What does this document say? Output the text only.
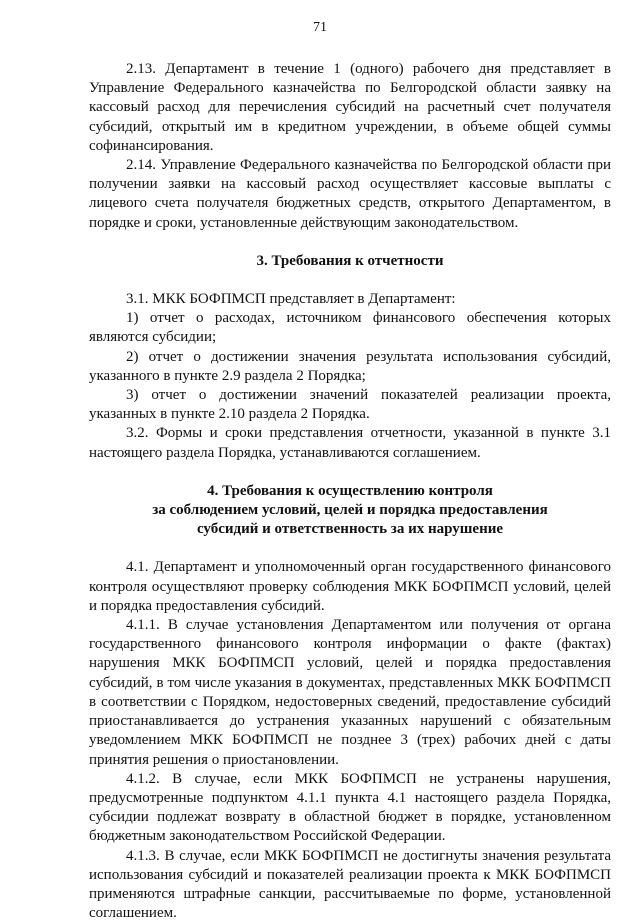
71

2.13. Департамент в течение 1 (одного) рабочего дня представляет в Управление Федерального казначейства по Белгородской области заявку на кассовый расход для перечисления субсидий на расчетный счет получателя субсидий, открытый им в кредитном учреждении, в объеме общей суммы софинансирования.

2.14. Управление Федерального казначейства по Белгородской области при получении заявки на кассовый расход осуществляет кассовые выплаты с лицевого счета получателя бюджетных средств, открытого Департаментом, в порядке и сроки, установленные действующим законодательством.

3. Требования к отчетности

3.1. МКК БОФПМСП представляет в Департамент:

1) отчет о расходах, источником финансового обеспечения которых являются субсидии;

2) отчет о достижении значения результата использования субсидий, указанного в пункте 2.9 раздела 2 Порядка;

3) отчет о достижении значений показателей реализации проекта, указанных в пункте 2.10 раздела 2 Порядка.

3.2. Формы и сроки представления отчетности, указанной в пункте 3.1 настоящего раздела Порядка, устанавливаются соглашением.

4. Требования к осуществлению контроля
за соблюдением условий, целей и порядка предоставления
субсидий и ответственность за их нарушение

4.1. Департамент и уполномоченный орган государственного финансового контроля осуществляют проверку соблюдения МКК БОФПМСП условий, целей и порядка предоставления субсидий.

4.1.1. В случае установления Департаментом или получения от органа государственного финансового контроля информации о факте (фактах) нарушения МКК БОФПМСП условий, целей и порядка предоставления субсидий, в том числе указания в документах, представленных МКК БОФПМСП в соответствии с Порядком, недостоверных сведений, предоставление субсидий приостанавливается до устранения указанных нарушений с обязательным уведомлением МКК БОФПМСП не позднее 3 (трех) рабочих дней с даты принятия решения о приостановлении.

4.1.2. В случае, если МКК БОФПМСП не устранены нарушения, предусмотренные подпунктом 4.1.1 пункта 4.1 настоящего раздела Порядка, субсидии подлежат возврату в областной бюджет в порядке, установленном бюджетным законодательством Российской Федерации.

4.1.3. В случае, если МКК БОФПМСП не достигнуты значения результата использования субсидий и показателей реализации проекта к МКК БОФПМСП применяются штрафные санкции, рассчитываемые по форме, установленной соглашением.
